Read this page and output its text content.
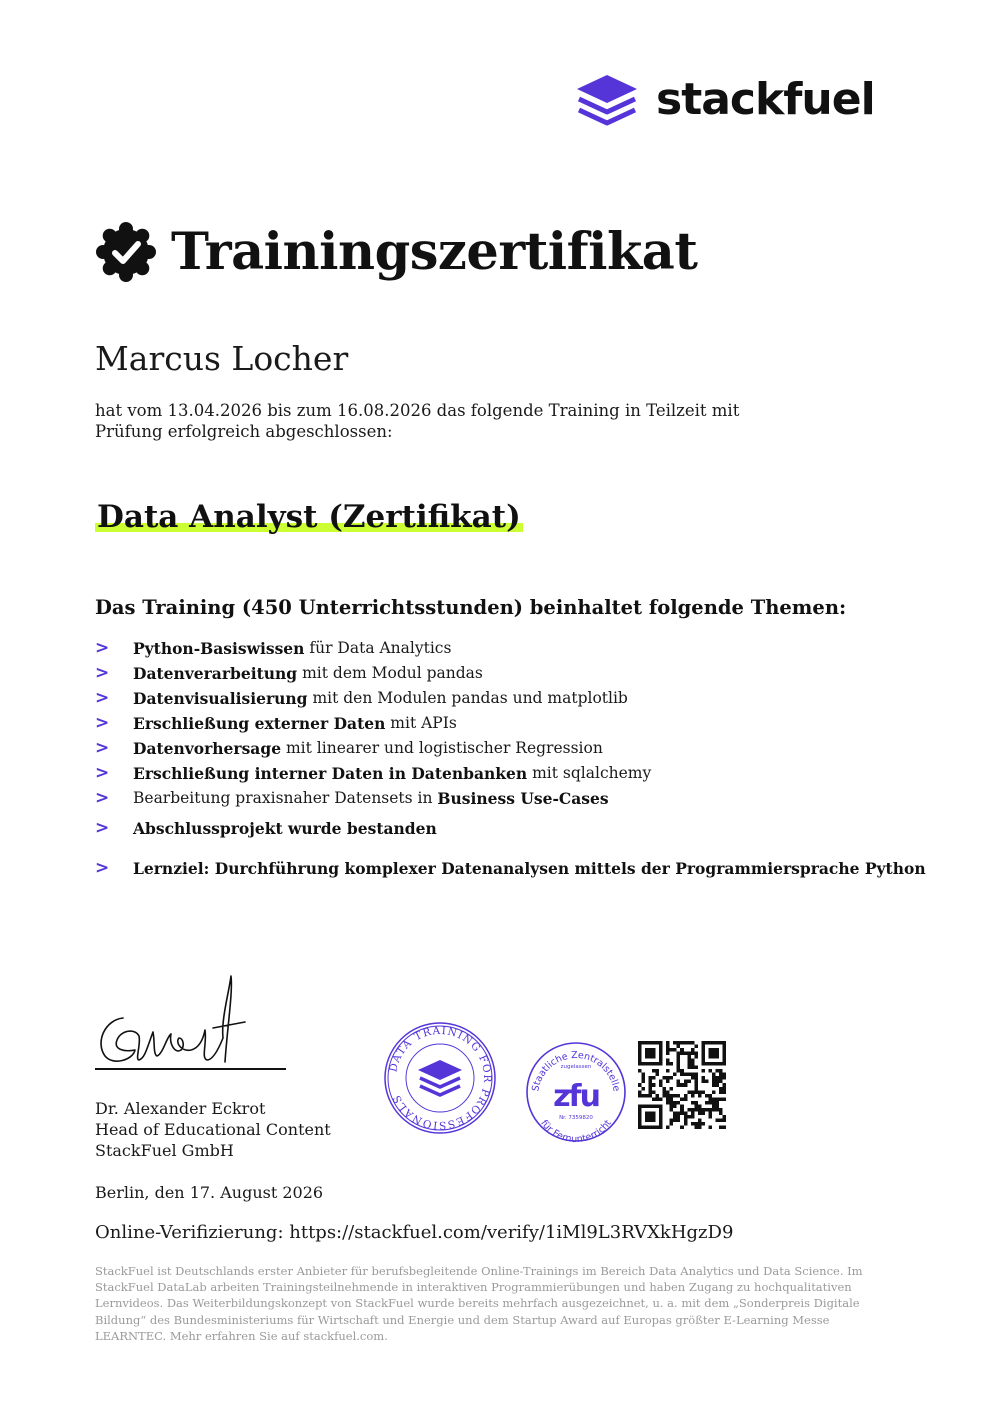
stackfuel
Trainingszertifikat
Marcus Locher
hat vom 13.04.2026 bis zum 16.08.2026 das folgende Training in Teilzeit mit Prüfung erfolgreich abgeschlossen:
Data Analyst (Zertifikat)
Das Training (450 Unterrichtsstunden) beinhaltet folgende Themen:
>	Python-Basiswissen für Data Analytics
>	Datenverarbeitung mit dem Modul pandas
>	Datenvisualisierung mit den Modulen pandas und matplotlib
>	Erschließung externer Daten mit APIs
>	Datenvorhersage mit linearer und logistischer Regression
>	Erschließung interner Daten in Datenbanken mit sqlalchemy
>	Bearbeitung praxisnaher Datensets in Business Use-Cases
>	Abschlussprojekt wurde bestanden
>	Lernziel: Durchführung komplexer Datenanalysen mittels der Programmiersprache Python
Dr. Alexander Eckrot
Head of Educational Content
StackFuel GmbH
DATA TRAINING FOR PROFESSIONALS
Staatliche Zentralstelle
zugelassen
zfu
Nr. 7359820
für Fernunterricht
Berlin, den 17. August 2026
Online-Verifizierung: https://stackfuel.com/verify/1iMl9L3RVXkHgzD9
StackFuel ist Deutschlands erster Anbieter für berufsbegleitende Online-Trainings im Bereich Data Analytics und Data Science. Im StackFuel DataLab arbeiten Trainingsteilnehmende in interaktiven Programmierübungen und haben Zugang zu hochqualitativen Lernvideos. Das Weiterbildungskonzept von StackFuel wurde bereits mehrfach ausgezeichnet, u. a. mit dem „Sonderpreis Digitale Bildung“ des Bundesministeriums für Wirtschaft und Energie und dem Startup Award auf Europas größter E-Learning Messe LEARNTEC. Mehr erfahren Sie auf stackfuel.com.
